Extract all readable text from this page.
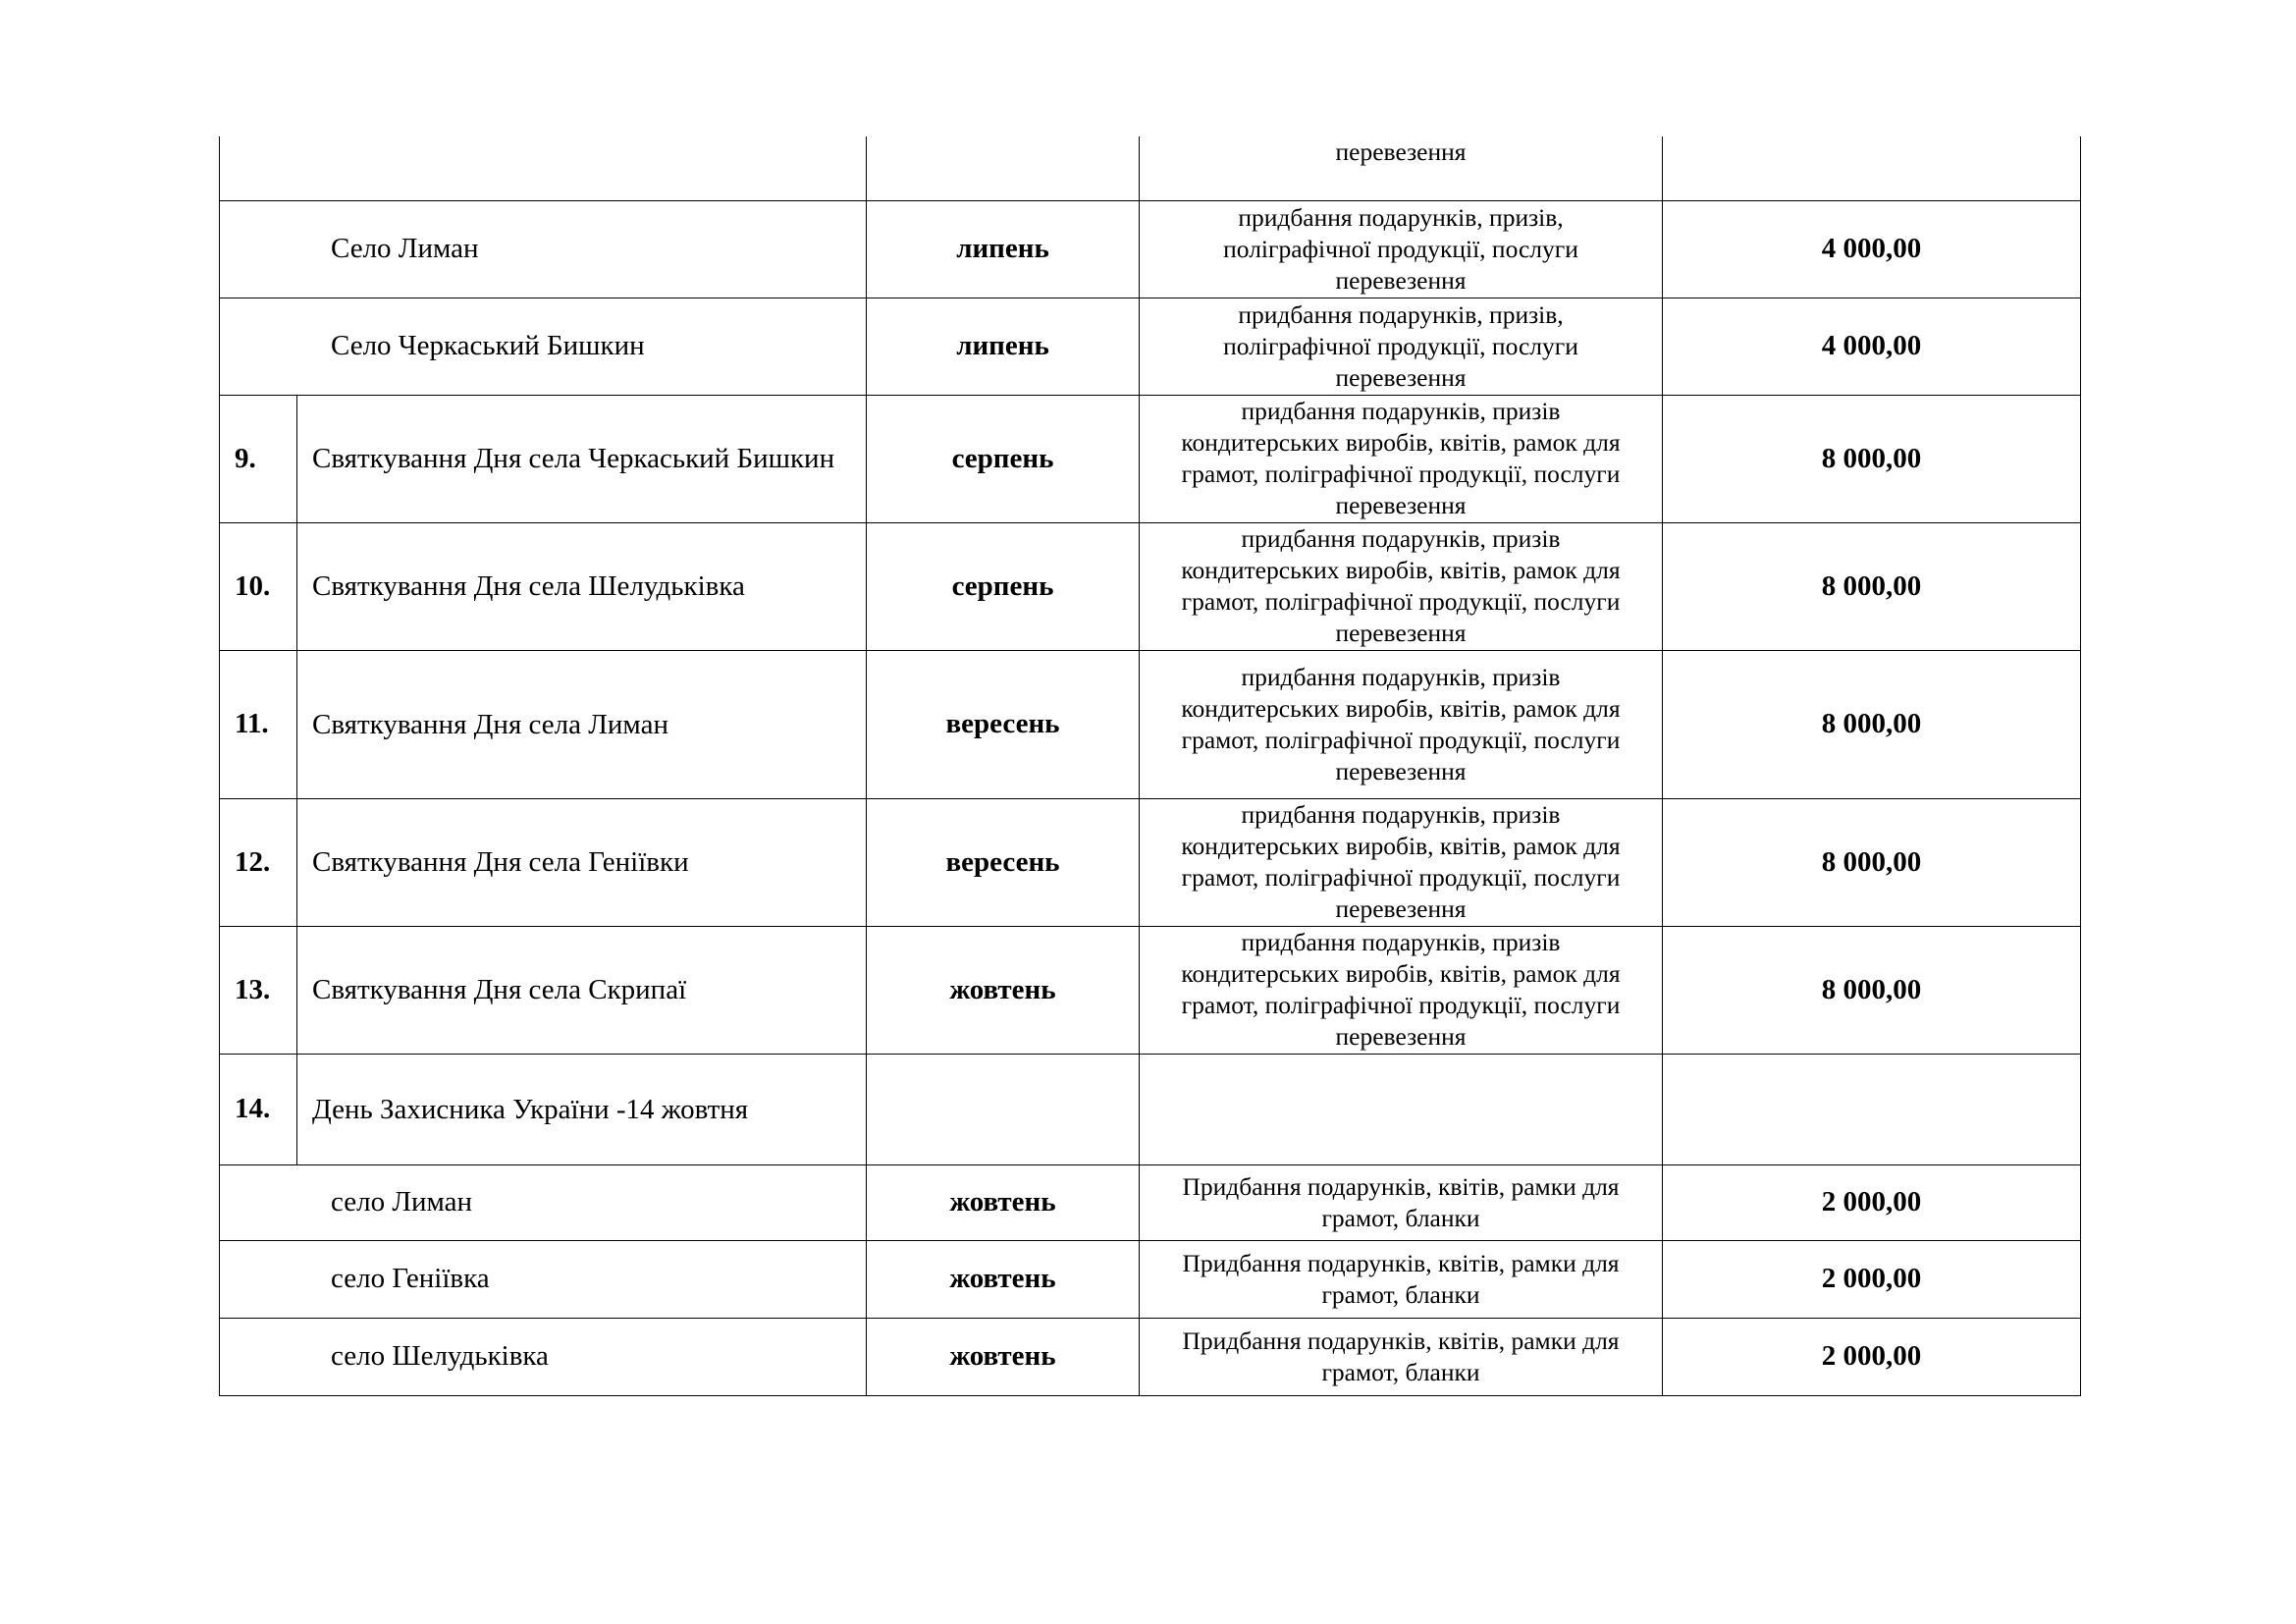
			перевезення	

Село Лиман		липень	придбання подарунків, призів,
поліграфічної продукції, послуги
перевезення	4 000,00
Село Черкаський Бишкин		липень	придбання подарунків, призів,
поліграфічної продукції, послуги
перевезення	4 000,00
9.	Святкування Дня села Черкаський Бишкин	серпень	придбання подарунків, призів
кондитерських виробів, квітів, рамок для
грамот, поліграфічної продукції, послуги
перевезення	8 000,00
10.	Святкування Дня села Шелудьківка	серпень	придбання подарунків, призів
кондитерських виробів, квітів, рамок для
грамот, поліграфічної продукції, послуги
перевезення	8 000,00
11.	Святкування Дня села Лиман	вересень	придбання подарунків, призів
кондитерських виробів, квітів, рамок для
грамот, поліграфічної продукції, послуги
перевезення	8 000,00
12.	Святкування Дня села Геніївки	вересень	придбання подарунків, призів
кондитерських виробів, квітів, рамок для
грамот, поліграфічної продукції, послуги
перевезення	8 000,00
13.	Святкування Дня села Скрипаї	жовтень	придбання подарунків, призів
кондитерських виробів, квітів, рамок для
грамот, поліграфічної продукції, послуги
перевезення	8 000,00
14.	День Захисника України -14 жовтня			
село Лиман		жовтень	Придбання подарунків, квітів, рамки для
грамот, бланки	2 000,00
село Геніївка		жовтень	Придбання подарунків, квітів, рамки для
грамот, бланки	2 000,00
село Шелудьківка		жовтень	Придбання подарунків, квітів, рамки для
грамот, бланки	2 000,00
